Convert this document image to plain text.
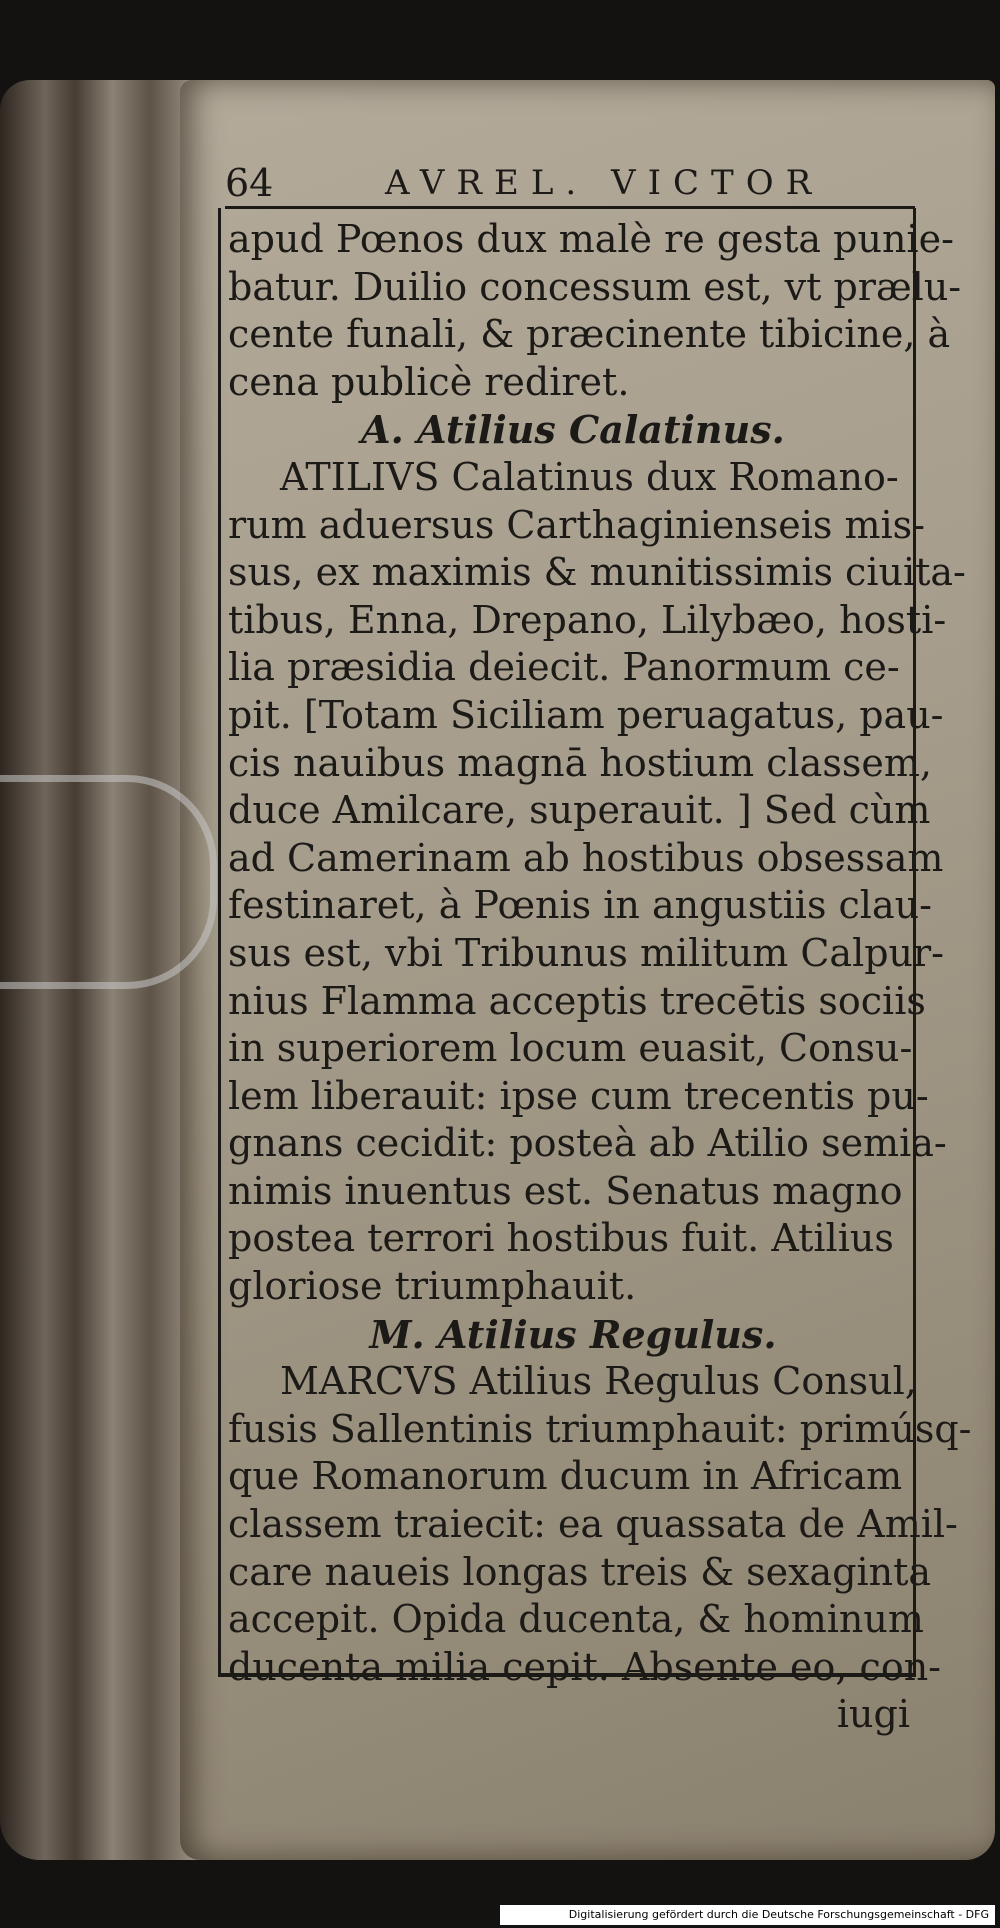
64	AVREL. VICTOR
apud Pœnos dux malè re gesta punie-
batur. Duilio concessum est, vt prælu-
cente funali, & præcinente tibicine, à
cena publicè rediret.
A. Atilius Calatinus.
ATILIVS Calatinus dux Romano-
rum aduersus Carthaginienseis mis-
sus, ex maximis & munitissimis ciuita-
tibus, Enna, Drepano, Lilybæo, hosti-
lia præsidia deiecit. Panormum ce-
pit. [Totam Siciliam peruagatus, pau-
cis nauibus magnā hostium classem,
duce Amilcare, superauit. ] Sed cùm
ad Camerinam ab hostibus obsessam
festinaret, à Pœnis in angustiis clau-
sus est, vbi Tribunus militum Calpur-
nius Flamma acceptis trecētis sociis
in superiorem locum euasit, Consu-
lem liberauit: ipse cum trecentis pu-
gnans cecidit: posteà ab Atilio semia-
nimis inuentus est. Senatus magno
postea terrori hostibus fuit. Atilius
gloriose triumphauit.
M. Atilius Regulus.
MARCVS Atilius Regulus Consul,
fusis Sallentinis triumphauit: primúsq-
que Romanorum ducum in Africam
classem traiecit: ea quassata de Amil-
care naueis longas treis & sexaginta
accepit. Opida ducenta, & hominum
ducenta milia cepit. Absente eo, con-
iugi
Digitalisierung gefördert durch die Deutsche Forschungsgemeinschaft - DFG
